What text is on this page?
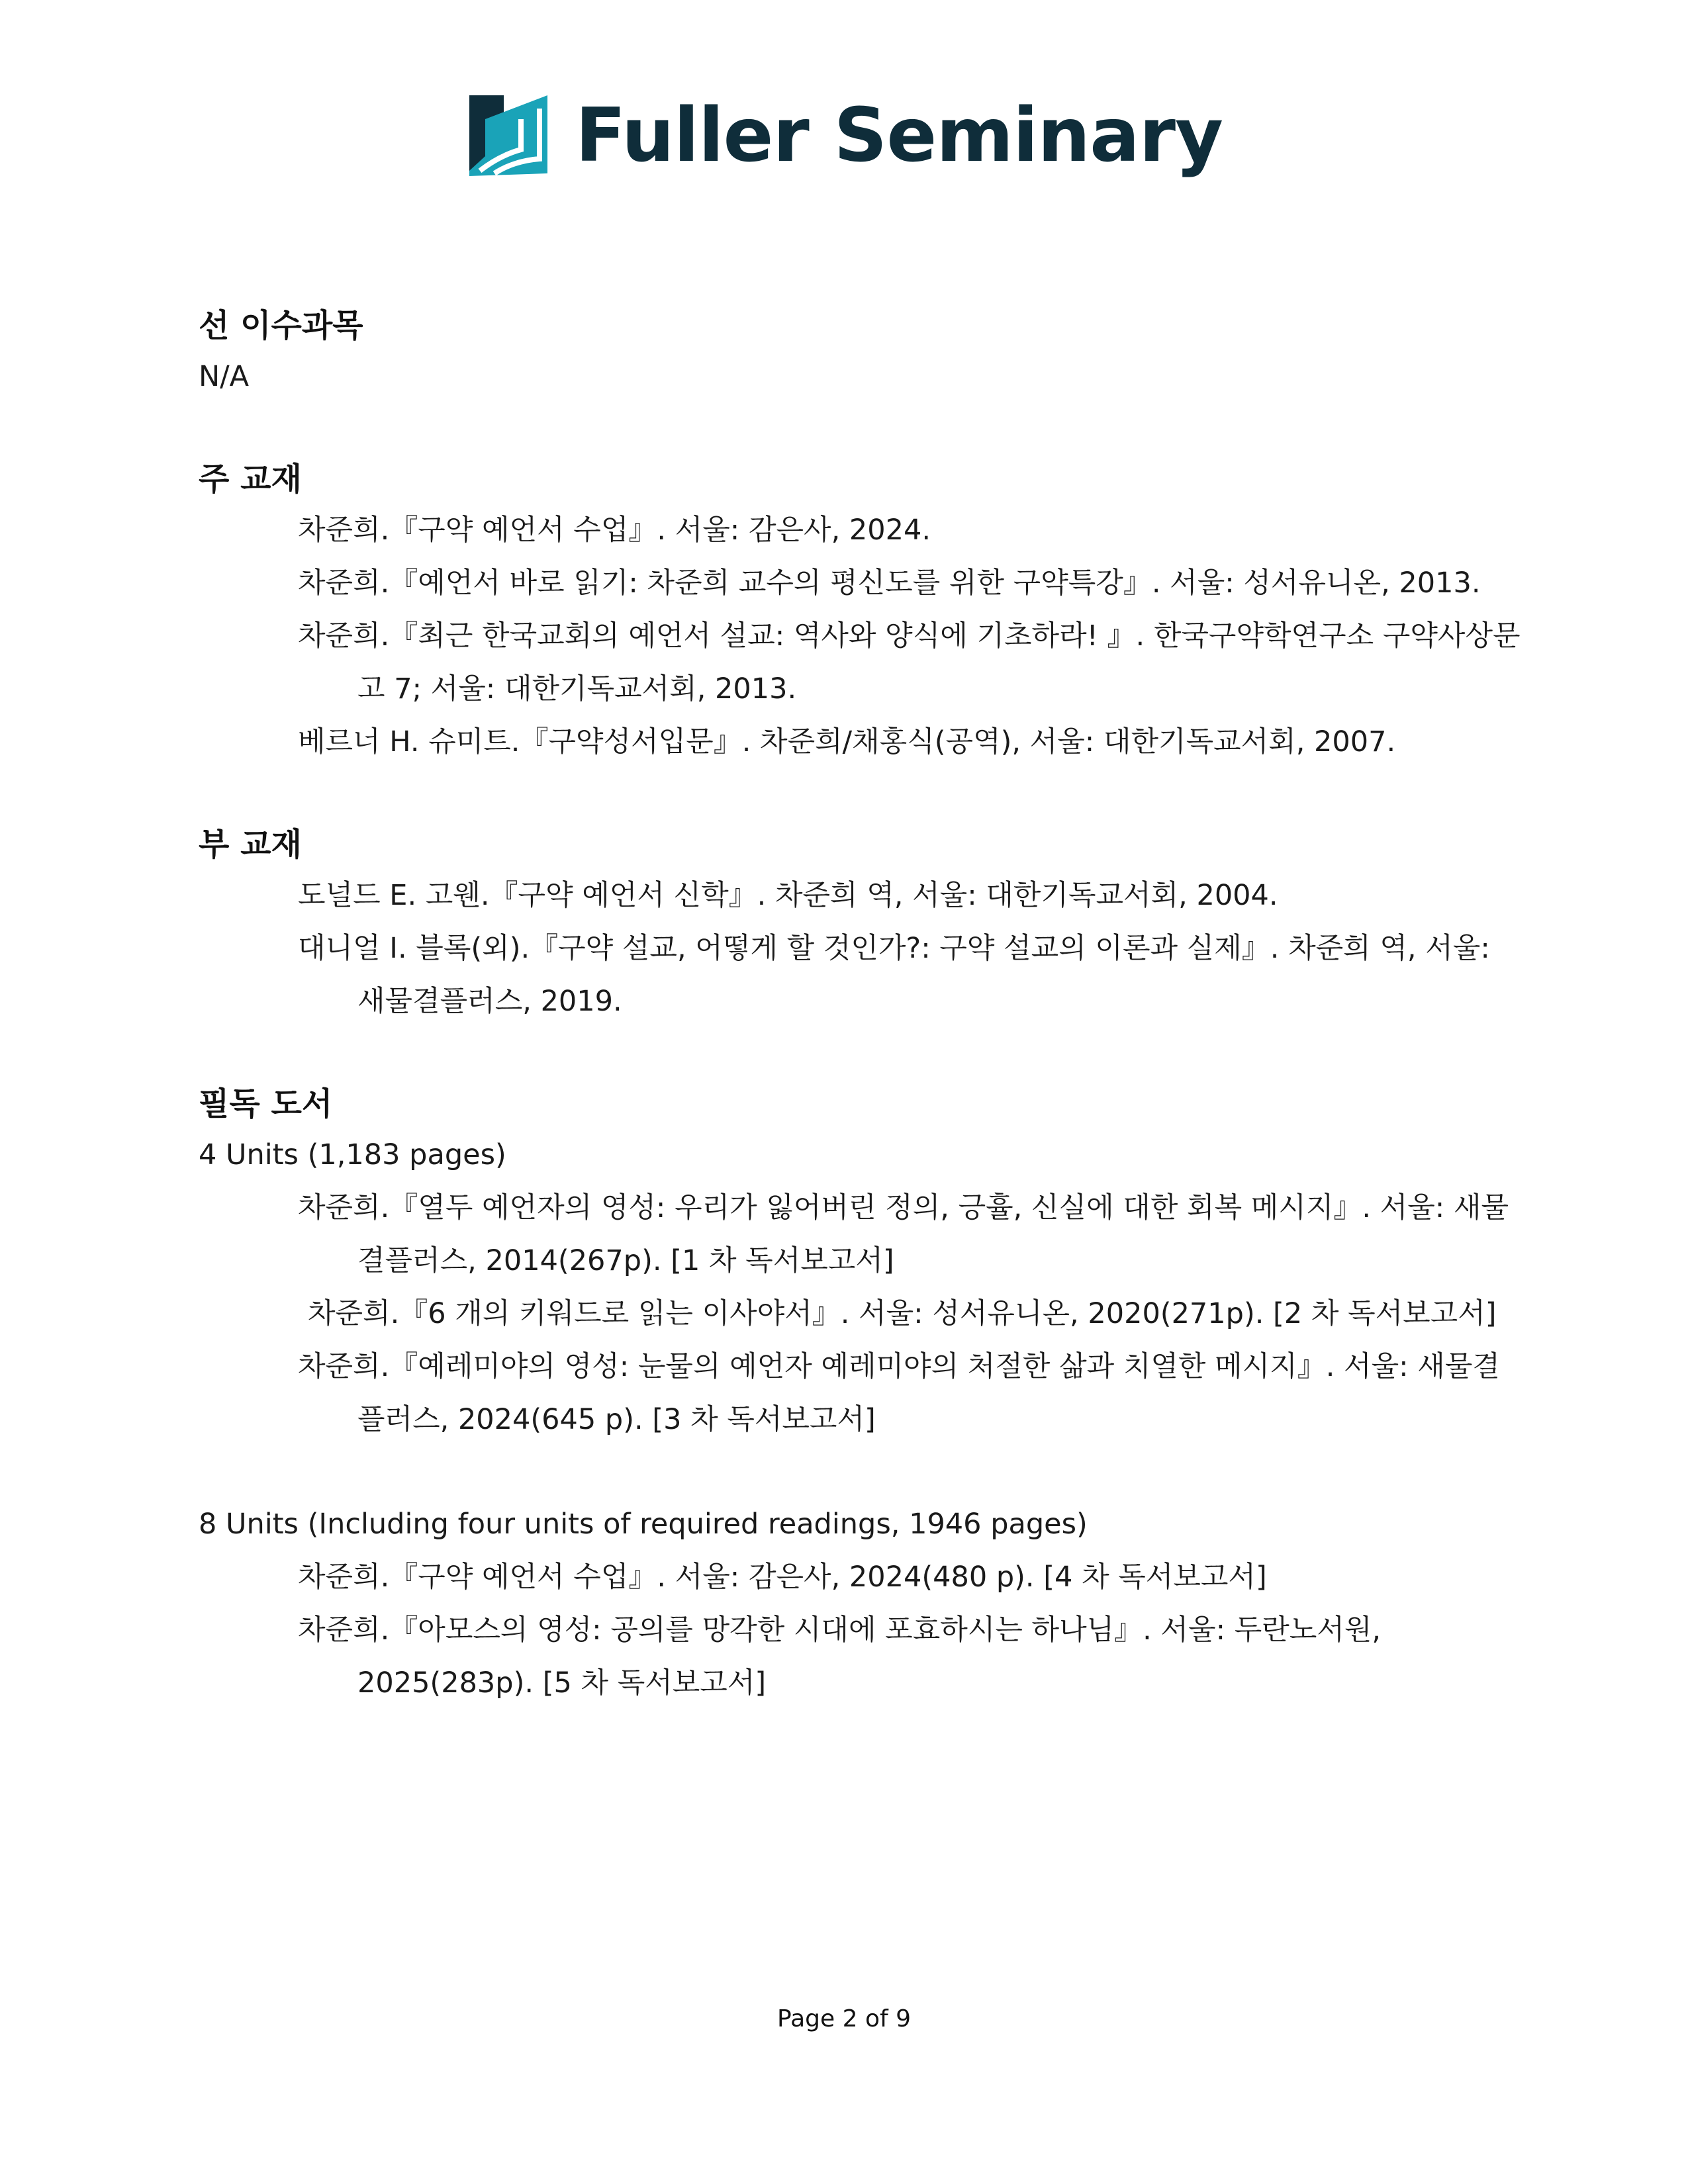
Fuller Seminary
선 이수과목

N/A

주 교재

차준희.『구약 예언서 수업』. 서울: 감은사, 2024.

차준희.『예언서 바로 읽기: 차준희 교수의 평신도를 위한 구약특강』. 서울: 성서유니온, 2013.

차준희.『최근 한국교회의 예언서 설교: 역사와 양식에 기초하라! 』. 한국구약학연구소 구약사상문고 7; 서울: 대한기독교서회, 2013.

베르너 H. 슈미트.『구약성서입문』. 차준희/채홍식(공역), 서울: 대한기독교서회, 2007.

부 교재

도널드 E. 고웬.『구약 예언서 신학』. 차준희 역, 서울: 대한기독교서회, 2004.

대니얼 I. 블록(외).『구약 설교, 어떻게 할 것인가?: 구약 설교의 이론과 실제』. 차준희 역, 서울: 새물결플러스, 2019.

필독 도서

4 Units (1,183 pages)

차준희.『열두 예언자의 영성: 우리가 잃어버린 정의, 긍휼, 신실에 대한 회복 메시지』. 서울: 새물결플러스, 2014(267p). [1 차 독서보고서]

차준희.『6 개의 키워드로 읽는 이사야서』. 서울: 성서유니온, 2020(271p). [2 차 독서보고서]

차준희.『예레미야의 영성: 눈물의 예언자 예레미야의 처절한 삶과 치열한 메시지』. 서울: 새물결플러스, 2024(645 p). [3 차 독서보고서]

8 Units (Including four units of required readings, 1946 pages)

차준희.『구약 예언서 수업』. 서울: 감은사, 2024(480 p). [4 차 독서보고서]

차준희.『아모스의 영성: 공의를 망각한 시대에 포효하시는 하나님』. 서울: 두란노서원, 2025(283p). [5 차 독서보고서]

Page 2 of 9
